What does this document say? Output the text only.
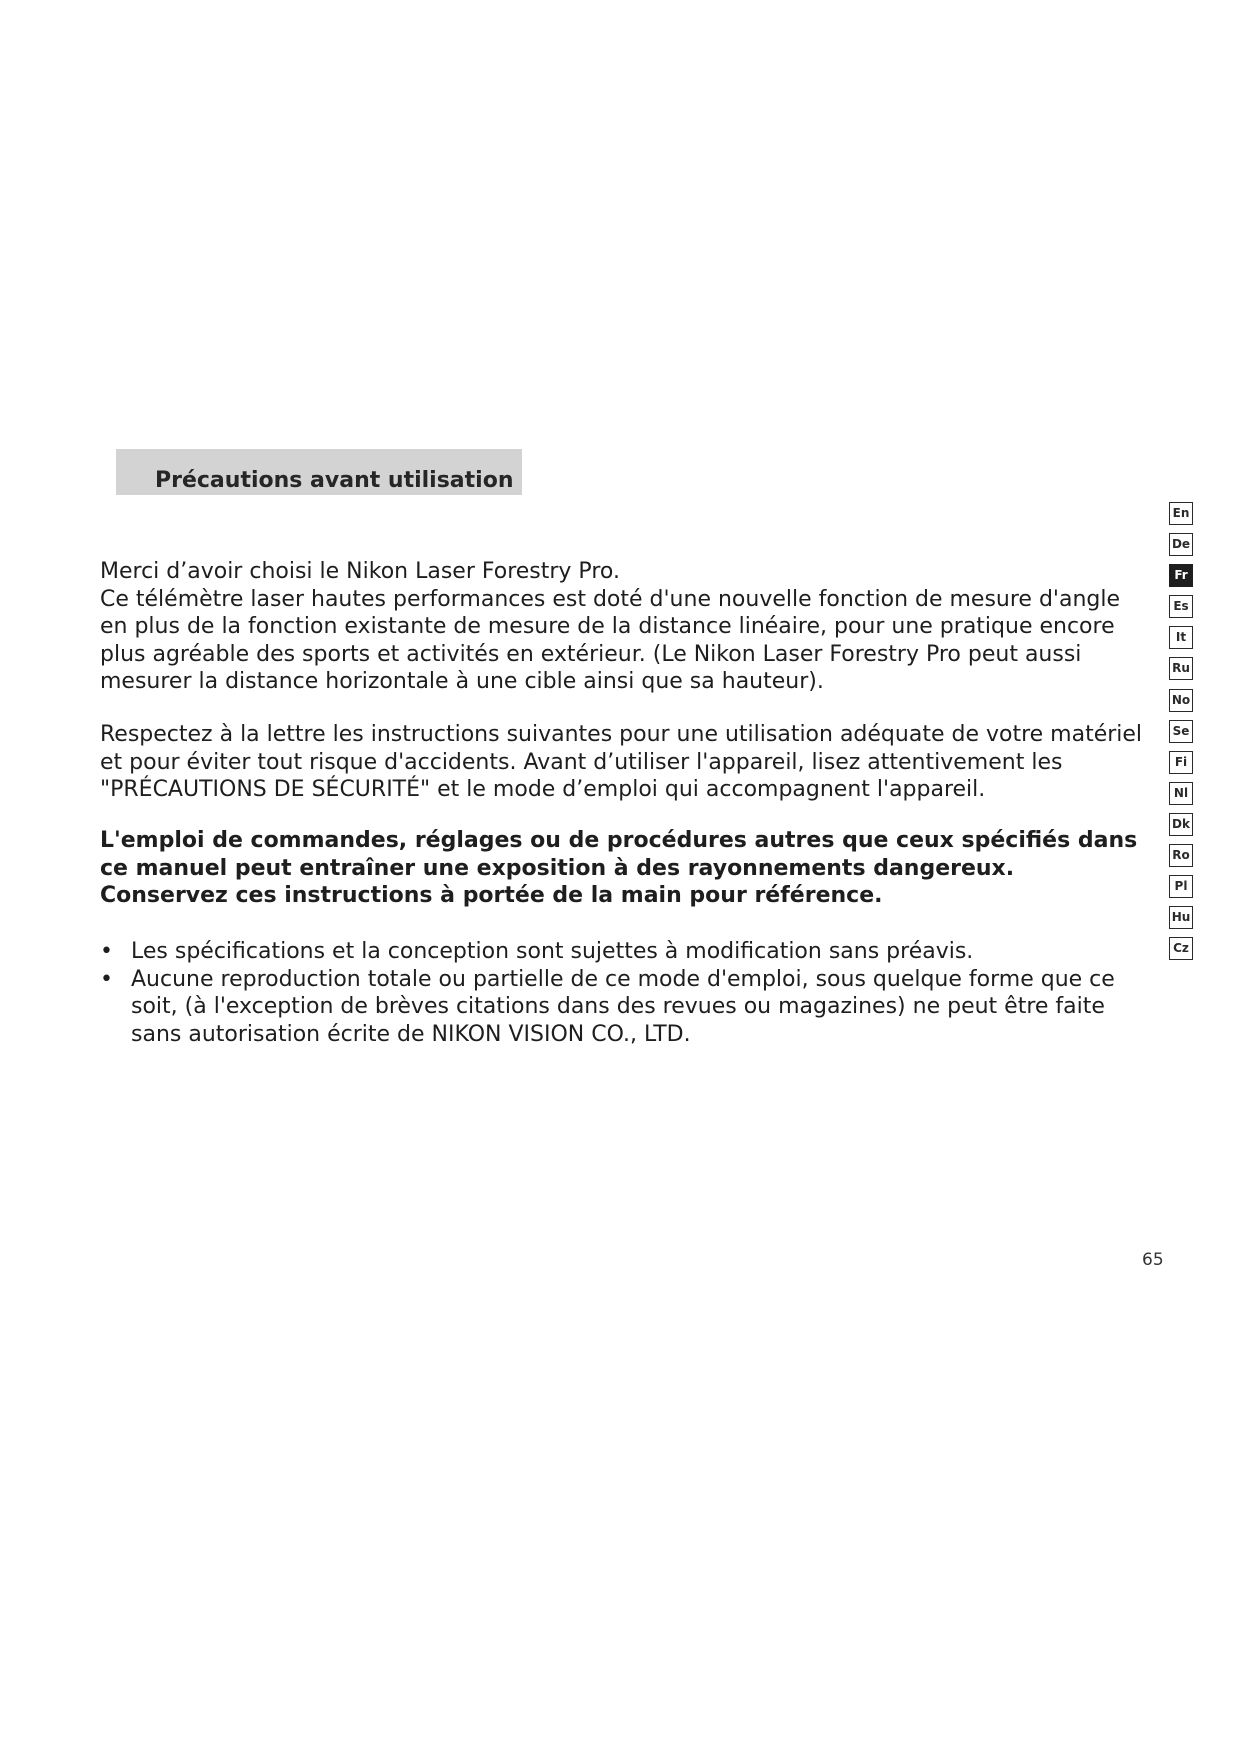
Précautions avant utilisation

Merci d’avoir choisi le Nikon Laser Forestry Pro.

Ce télémètre laser hautes performances est doté d'une nouvelle fonction de mesure d'angle en plus de la fonction existante de mesure de la distance linéaire, pour une pratique encore plus agréable des sports et activités en extérieur. (Le Nikon Laser Forestry Pro peut aussi mesurer la distance horizontale à une cible ainsi que sa hauteur).

Respectez à la lettre les instructions suivantes pour une utilisation adéquate de votre matériel et pour éviter tout risque d'accidents. Avant d’utiliser l'appareil, lisez attentivement les "PRÉCAUTIONS DE SÉCURITÉ" et le mode d’emploi qui accompagnent l'appareil.

L'emploi de commandes, réglages ou de procédures autres que ceux spécifiés dans ce manuel peut entraîner une exposition à des rayonnements dangereux.

Conservez ces instructions à portée de la main pour référence.

• Les spécifications et la conception sont sujettes à modification sans préavis.
• Aucune reproduction totale ou partielle de ce mode d'emploi, sous quelque forme que ce soit, (à l'exception de brèves citations dans des revues ou magazines) ne peut être faite sans autorisation écrite de NIKON VISION CO., LTD.
En
De
Fr
Es
It
Ru
No
Se
Fi
Nl
Dk
Ro
Pl
Hu
Cz
65
